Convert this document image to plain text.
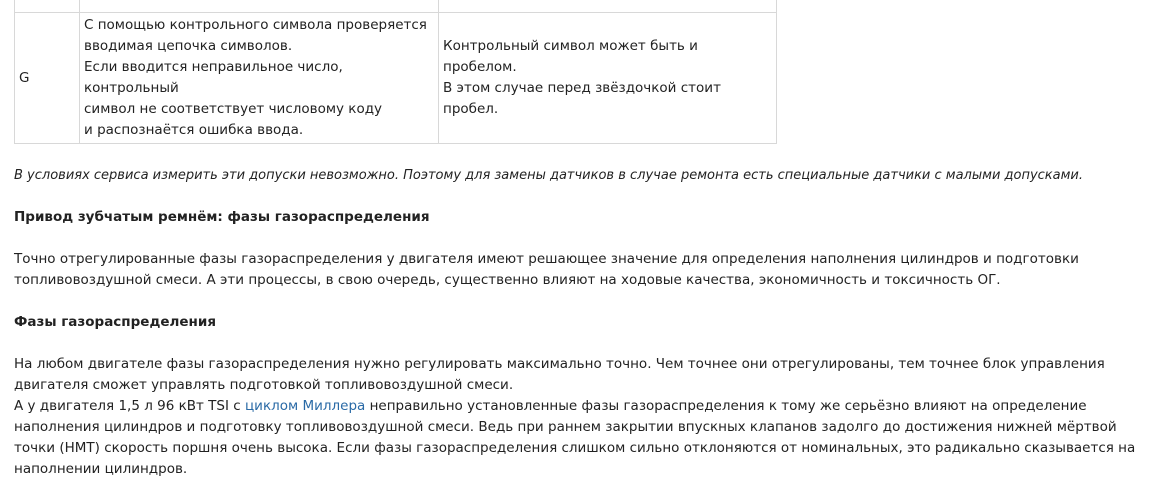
G	С помощью контрольного символа проверяется
вводимая цепочка символов.
Если вводится неправильное число, контрольный
символ не соответствует числовому коду
и распознаётся ошибка ввода.	Контрольный символ может быть и пробелом.
В этом случае перед звёздочкой стоит пробел.

В условиях сервиса измерить эти допуски невозможно. Поэтому для замены датчиков в случае ремонта есть специальные датчики с малыми допусками.

Привод зубчатым ремнём: фазы газораспределения

Точно отрегулированные фазы газораспределения у двигателя имеют решающее значение для определения наполнения цилиндров и подготовки топливовоздушной смеси. А эти процессы, в свою очередь, существенно влияют на ходовые качества, экономичность и токсичность ОГ.

Фазы газораспределения

На любом двигателе фазы газораспределения нужно регулировать максимально точно. Чем точнее они отрегулированы, тем точнее блок управления двигателя сможет управлять подготовкой топливовоздушной смеси.

А у двигателя 1,5 л 96 кВт TSI с циклом Миллера неправильно установленные фазы газораспределения к тому же серьёзно влияют на определение наполнения цилиндров и подготовку топливовоздушной смеси. Ведь при раннем закрытии впускных клапанов задолго до достижения нижней мёртвой точки (НМТ) скорость поршня очень высока. Если фазы газораспределения слишком сильно отклоняются от номинальных, это радикально сказывается на наполнении цилиндров.
